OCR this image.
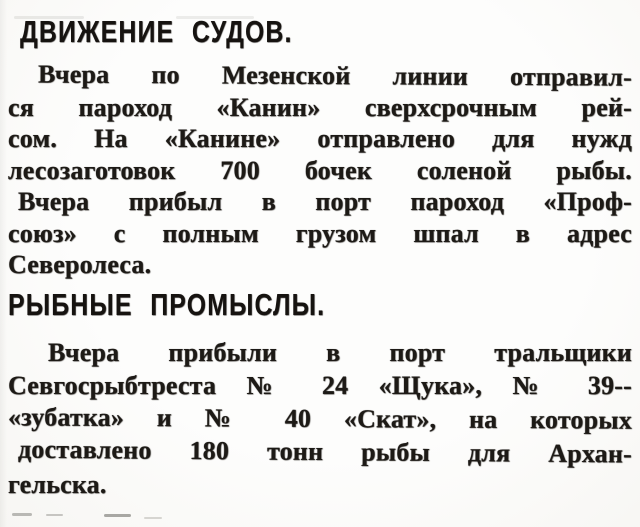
ДВИЖЕНИЕ СУДОВ.
Вчера по Мезенской линии отправил-
ся пароход «Канин» сверхсрочным рей-
сом. На «Канине» отправлено для нужд
лесозаготовок 700 бочек соленой рыбы.
Вчера прибыл в порт пароход «Проф-
союз» с полным грузом шпал в адрес
Северолеса.
РЫБНЫЕ ПРОМЫСЛЫ.
Вчера прибыли в порт тральщики
Севгосрыбтреста № 24 «Щука», № 39--
«зубатка» и № 40 «Скат», на которых
доставлено 180 тонн рыбы для Архан-
гельска.
